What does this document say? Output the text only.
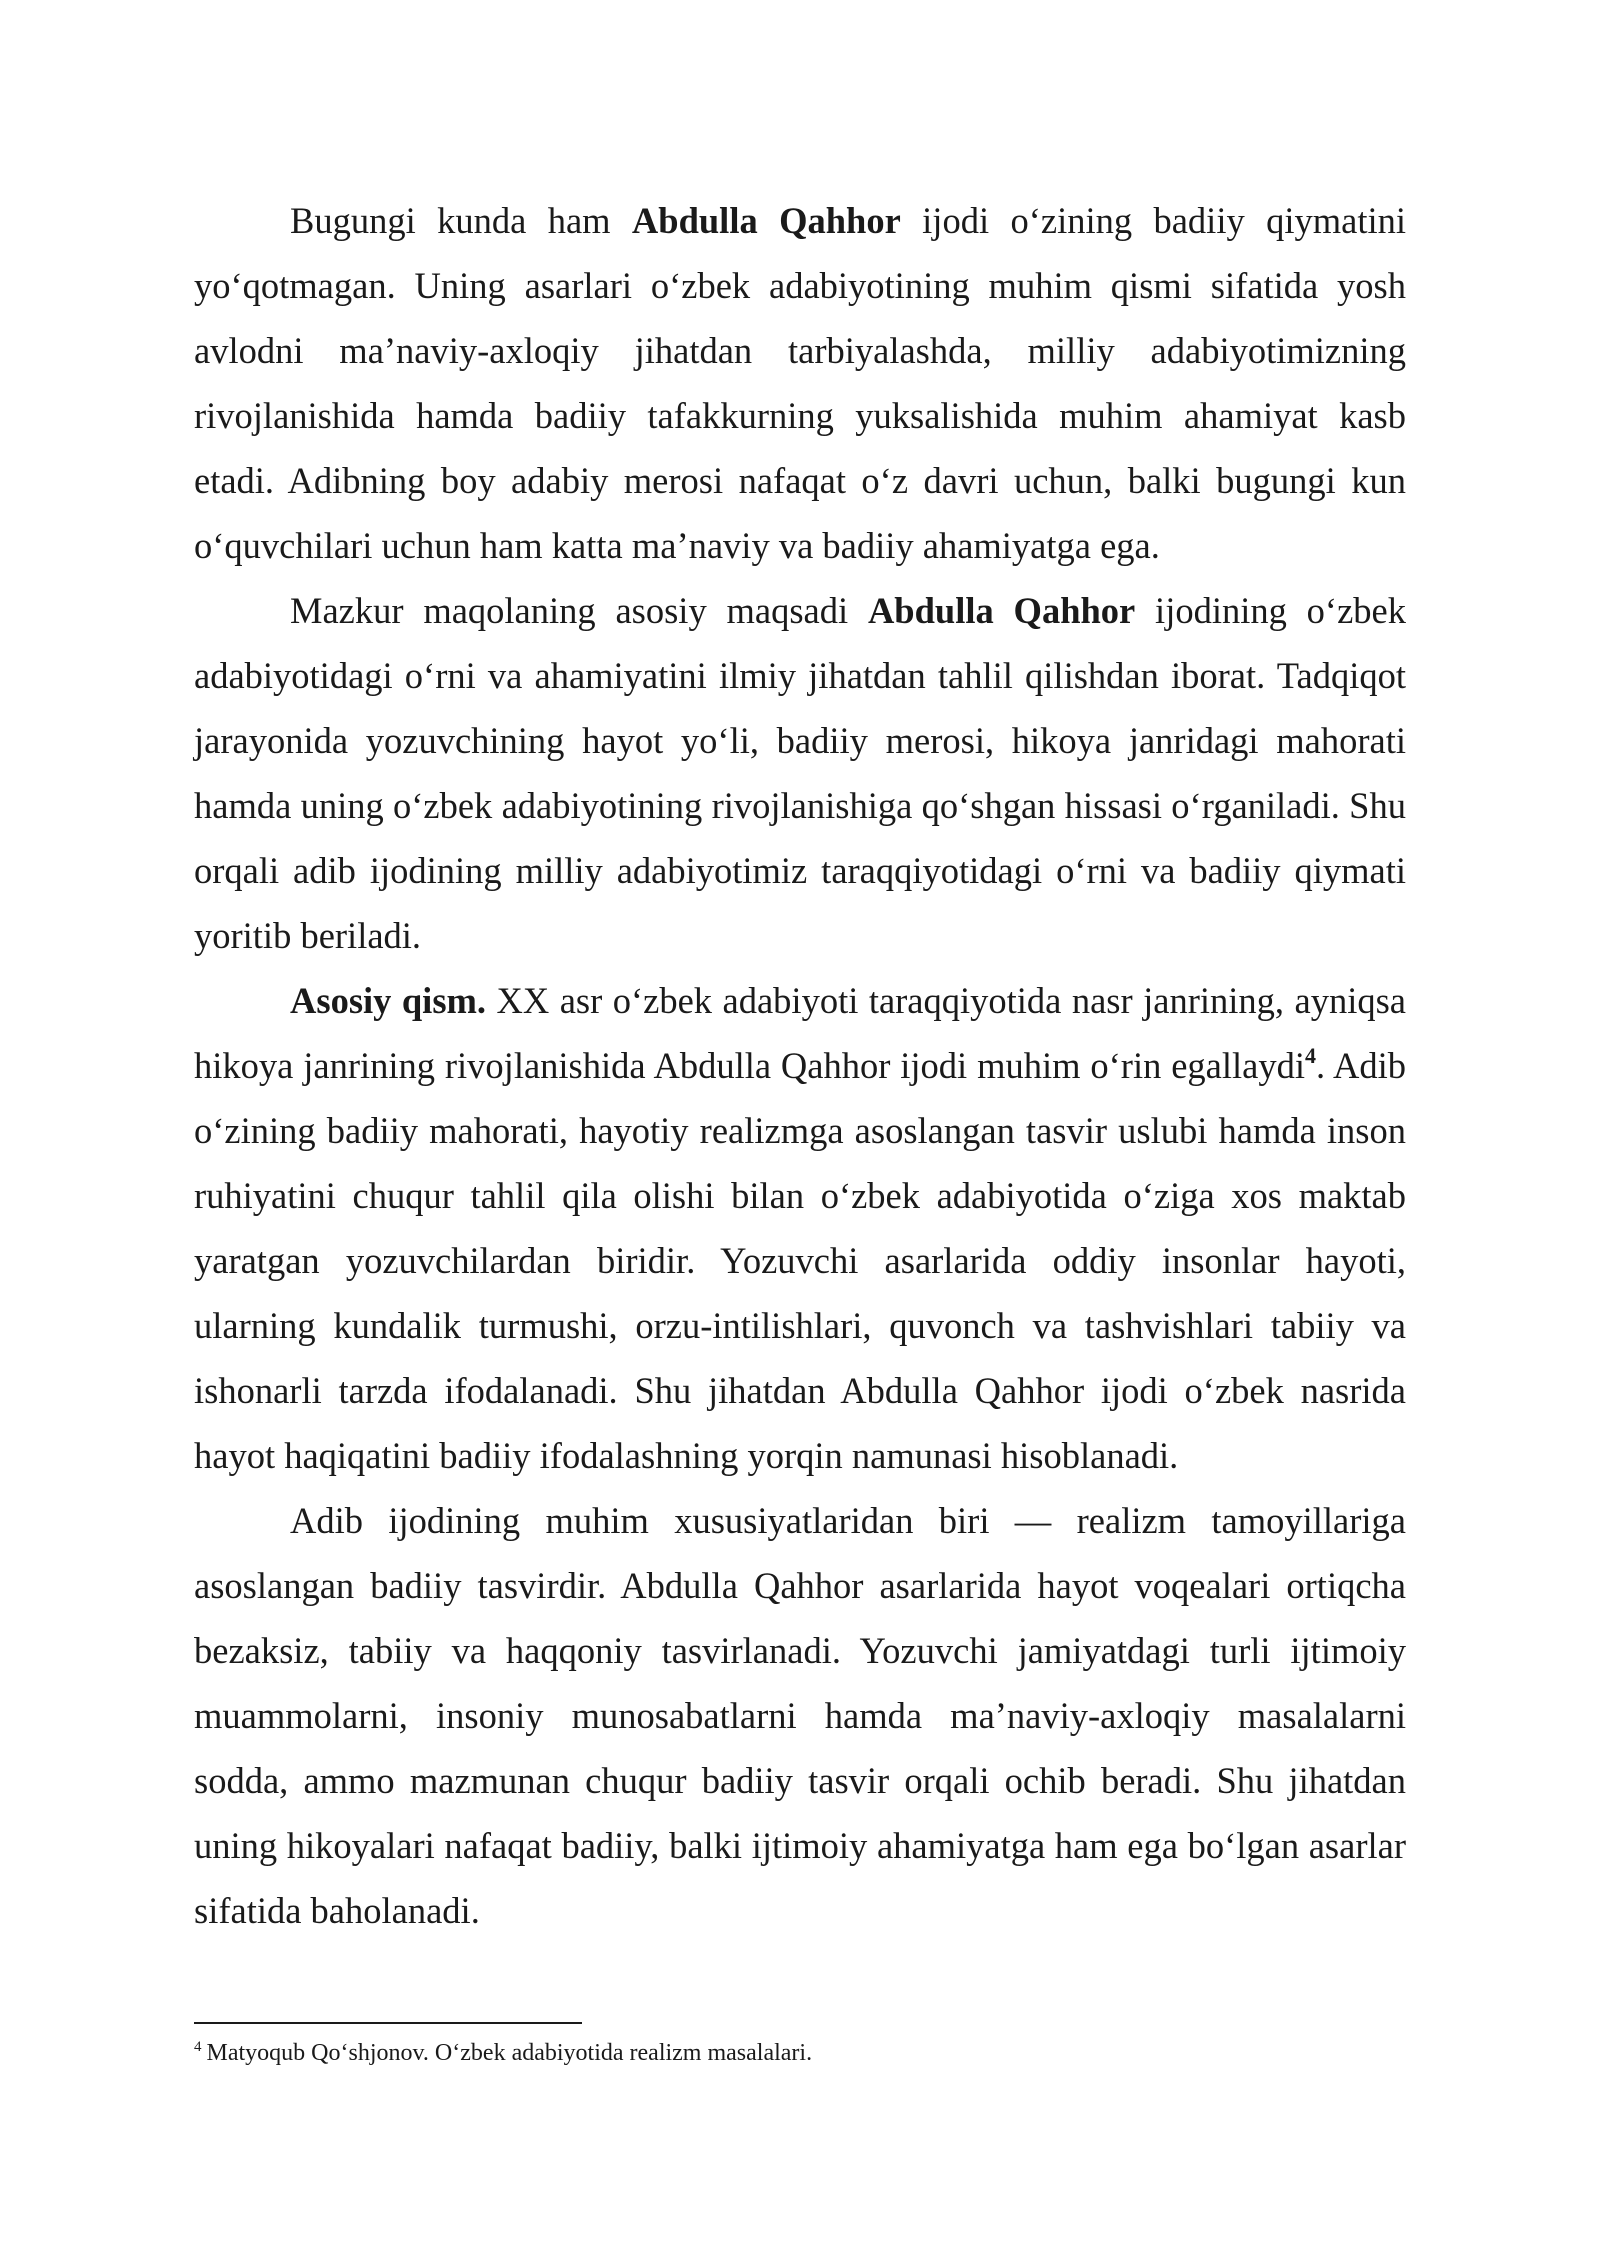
Bugungi kunda ham Abdulla Qahhor ijodi o‘zining badiiy qiymatini yo‘qotmagan. Uning asarlari o‘zbek adabiyotining muhim qismi sifatida yosh avlodni ma’naviy-axloqiy jihatdan tarbiyalashda, milliy adabiyotimizning rivojlanishida hamda badiiy tafakkurning yuksalishida muhim ahamiyat kasb etadi. Adibning boy adabiy merosi nafaqat o‘z davri uchun, balki bugungi kun o‘quvchilari uchun ham katta ma’naviy va badiiy ahamiyatga ega.

Mazkur maqolaning asosiy maqsadi Abdulla Qahhor ijodining o‘zbek adabiyotidagi o‘rni va ahamiyatini ilmiy jihatdan tahlil qilishdan iborat. Tadqiqot jarayonida yozuvchining hayot yo‘li, badiiy merosi, hikoya janridagi mahorati hamda uning o‘zbek adabiyotining rivojlanishiga qo‘shgan hissasi o‘rganiladi. Shu orqali adib ijodining milliy adabiyotimiz taraqqiyotidagi o‘rni va badiiy qiymati yoritib beriladi.

Asosiy qism. XX asr o‘zbek adabiyoti taraqqiyotida nasr janrining, ayniqsa hikoya janrining rivojlanishida Abdulla Qahhor ijodi muhim o‘rin egallaydi$^4$. Adib o‘zining badiiy mahorati, hayotiy realizmga asoslangan tasvir uslubi hamda inson ruhiyatini chuqur tahlil qila olishi bilan o‘zbek adabiyotida o‘ziga xos maktab yaratgan yozuvchilardan biridir. Yozuvchi asarlarida oddiy insonlar hayoti, ularning kundalik turmushi, orzu-intilishlari, quvonch va tashvishlari tabiiy va ishonarli tarzda ifodalanadi. Shu jihatdan Abdulla Qahhor ijodi o‘zbek nasrida hayot haqiqatini badiiy ifodalashning yorqin namunasi hisoblanadi.

Adib ijodining muhim xususiyatlaridan biri — realizm tamoyillariga asoslangan badiiy tasvirdir. Abdulla Qahhor asarlarida hayot voqealari ortiqcha bezaksiz, tabiiy va haqqoniy tasvirlanadi. Yozuvchi jamiyatdagi turli ijtimoiy muammolarni, insoniy munosabatlarni hamda ma’naviy-axloqiy masalalarni sodda, ammo mazmunan chuqur badiiy tasvir orqali ochib beradi. Shu jihatdan uning hikoyalari nafaqat badiiy, balki ijtimoiy ahamiyatga ham ega bo‘lgan asarlar sifatida baholanadi.

$^4$ Matyoqub Qo‘shjonov. O‘zbek adabiyotida realizm masalalari.
